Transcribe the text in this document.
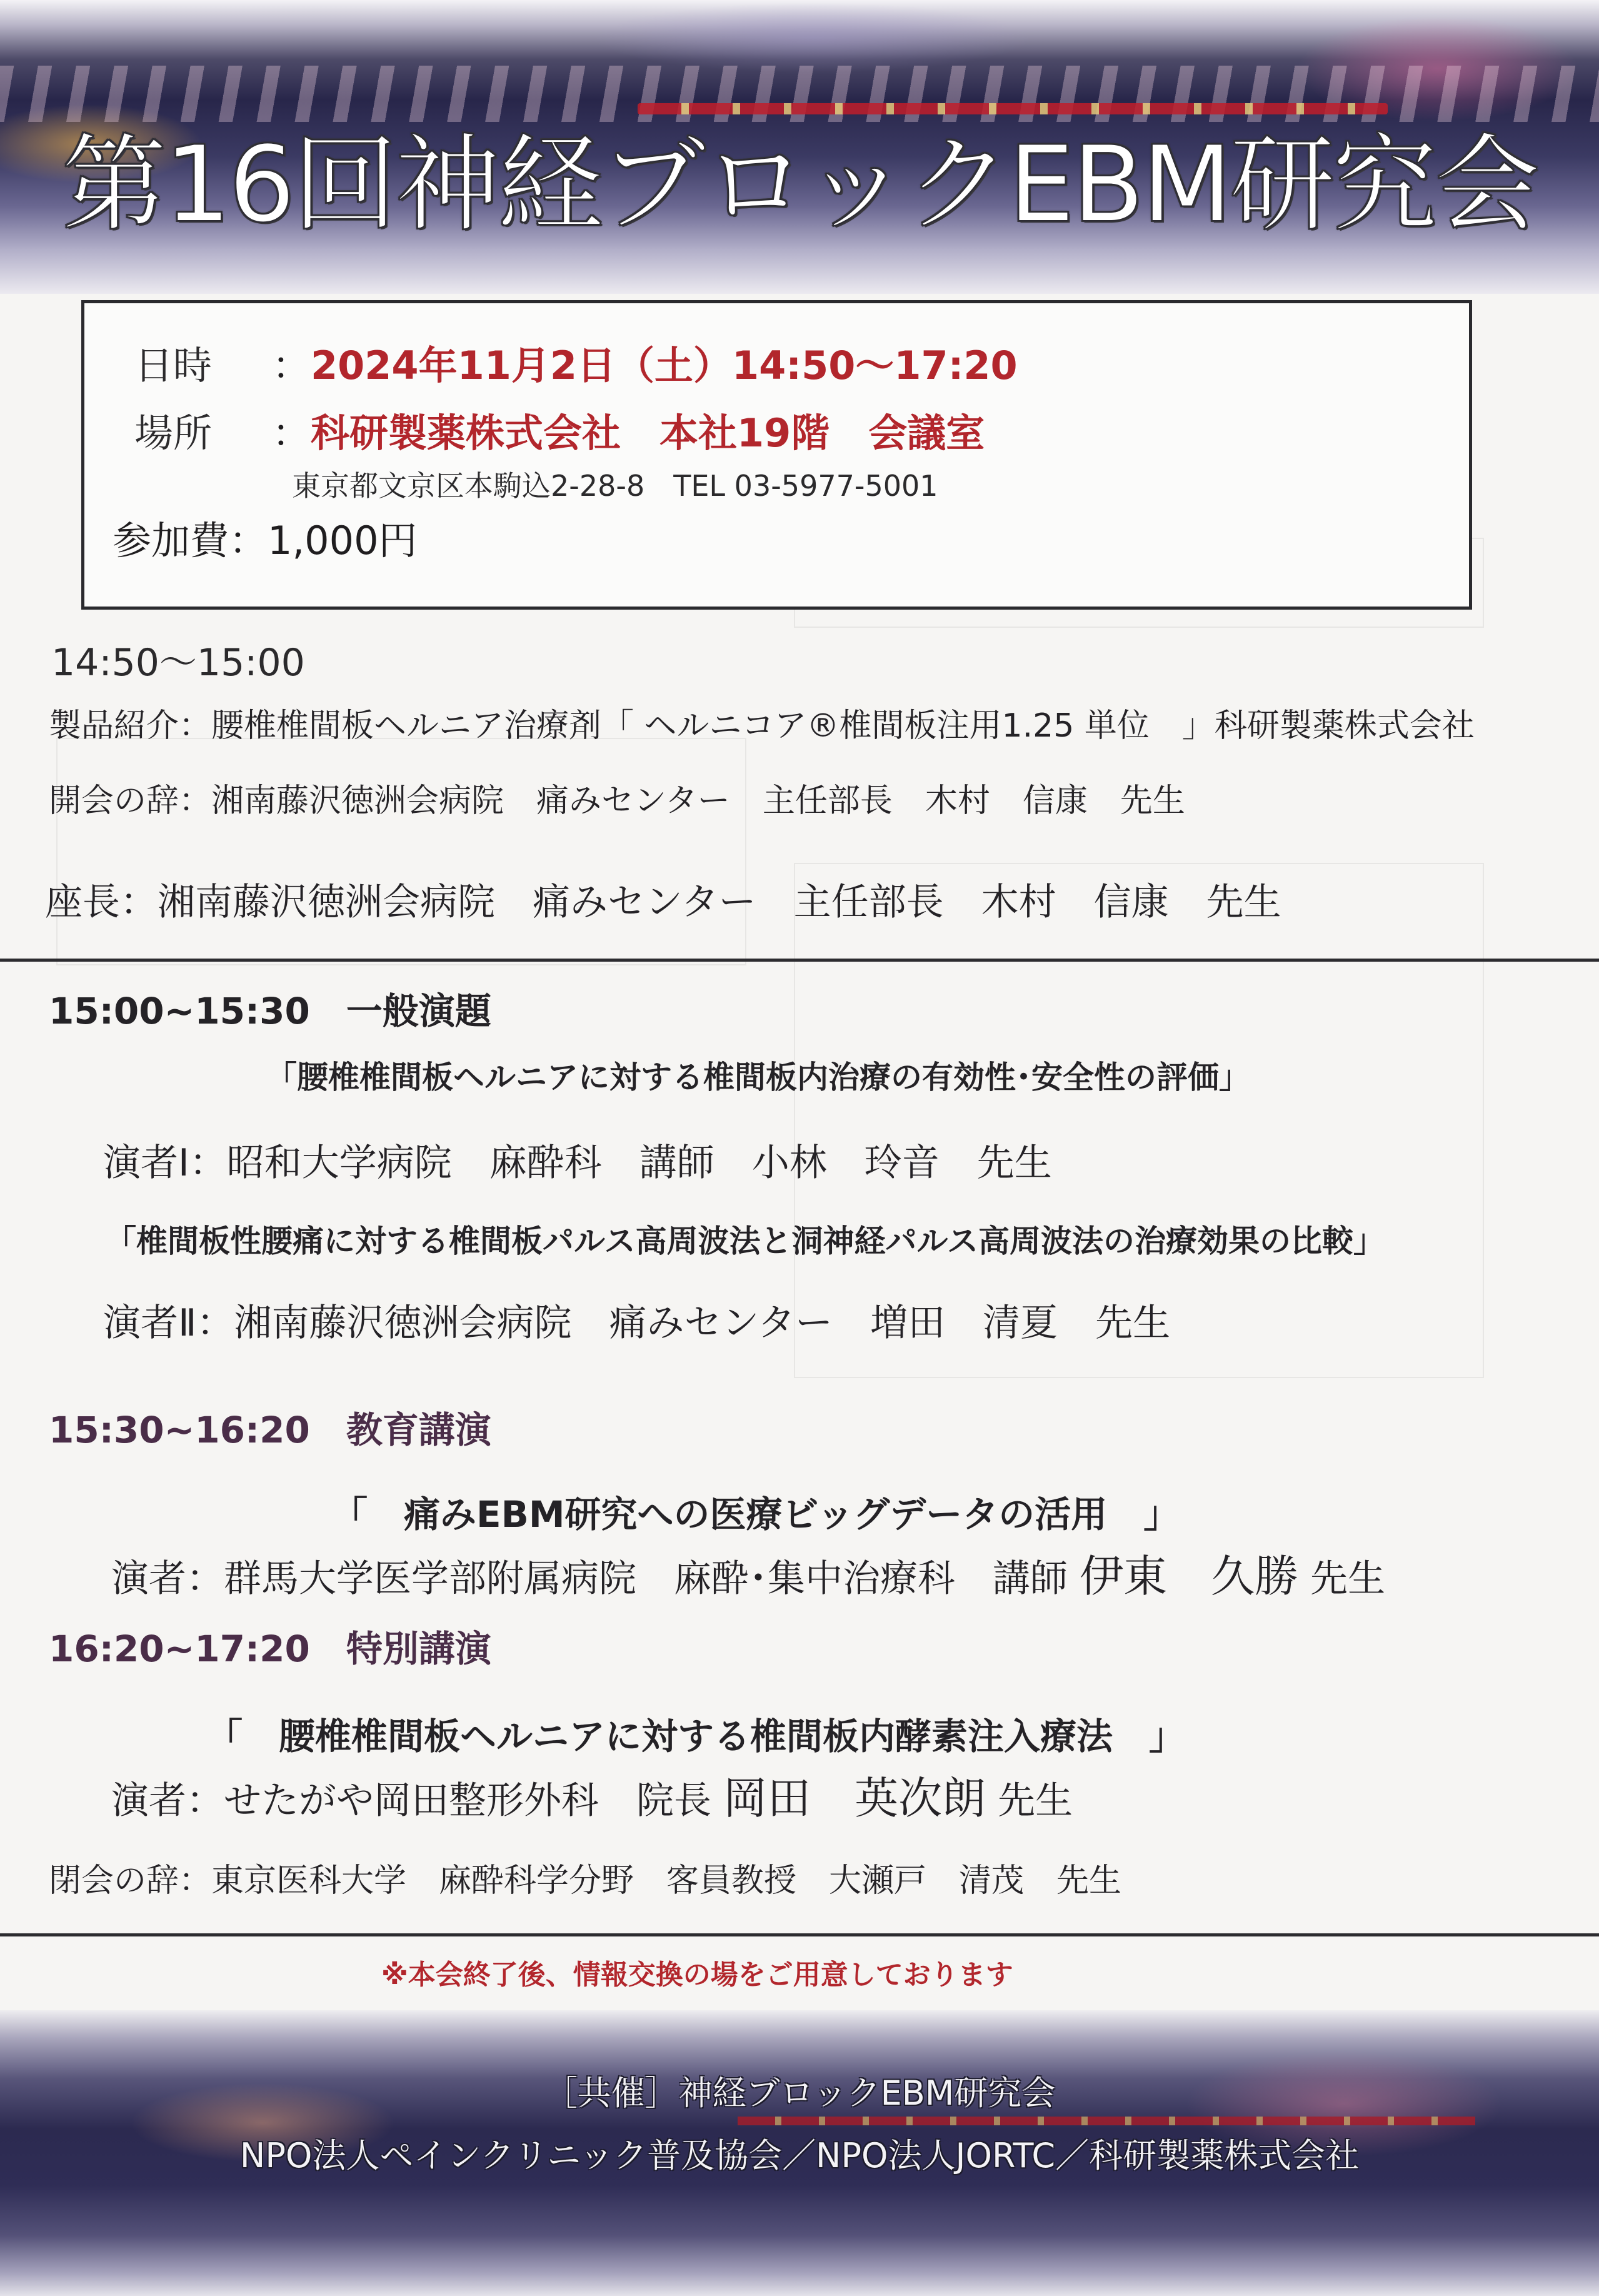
第16回神経ブロックEBM研究会
日時 ：2024年11月2日（土）14:50～17:20
場所 ：科研製薬株式会社　本社19階　会議室
東京都文京区本駒込2-28-8　TEL 03-5977-5001
参加費：1,000円
14:50～15:00
製品紹介：腰椎椎間板ヘルニア治療剤「 ヘルニコア®椎間板注用1.25 単位　」科研製薬株式会社
開会の辞：湘南藤沢徳洲会病院　痛みセンター　主任部長　木村　信康　先生
座長：湘南藤沢徳洲会病院　痛みセンター　主任部長　木村　信康　先生
15:00~15:30　一般演題
「腰椎椎間板ヘルニアに対する椎間板内治療の有効性･安全性の評価」
演者Ⅰ：昭和大学病院　麻酔科　講師　小林　玲音　先生
「椎間板性腰痛に対する椎間板パルス高周波法と洞神経パルス高周波法の治療効果の比較」
演者Ⅱ：湘南藤沢徳洲会病院　痛みセンター　増田　清夏　先生
15:30~16:20　教育講演
「　痛みEBM研究への医療ビッグデータの活用　」
演者：群馬大学医学部附属病院　麻酔･集中治療科　講師 伊東　久勝 先生
16:20~17:20　特別講演
「　腰椎椎間板ヘルニアに対する椎間板内酵素注入療法　」
演者：せたがや岡田整形外科　院長 岡田　英次朗 先生
閉会の辞：東京医科大学　麻酔科学分野　客員教授　大瀬戸　清茂　先生
※本会終了後、情報交換の場をご用意しております
［共催］神経ブロックEBM研究会
NPO法人ペインクリニック普及協会／NPO法人JORTC／科研製薬株式会社
